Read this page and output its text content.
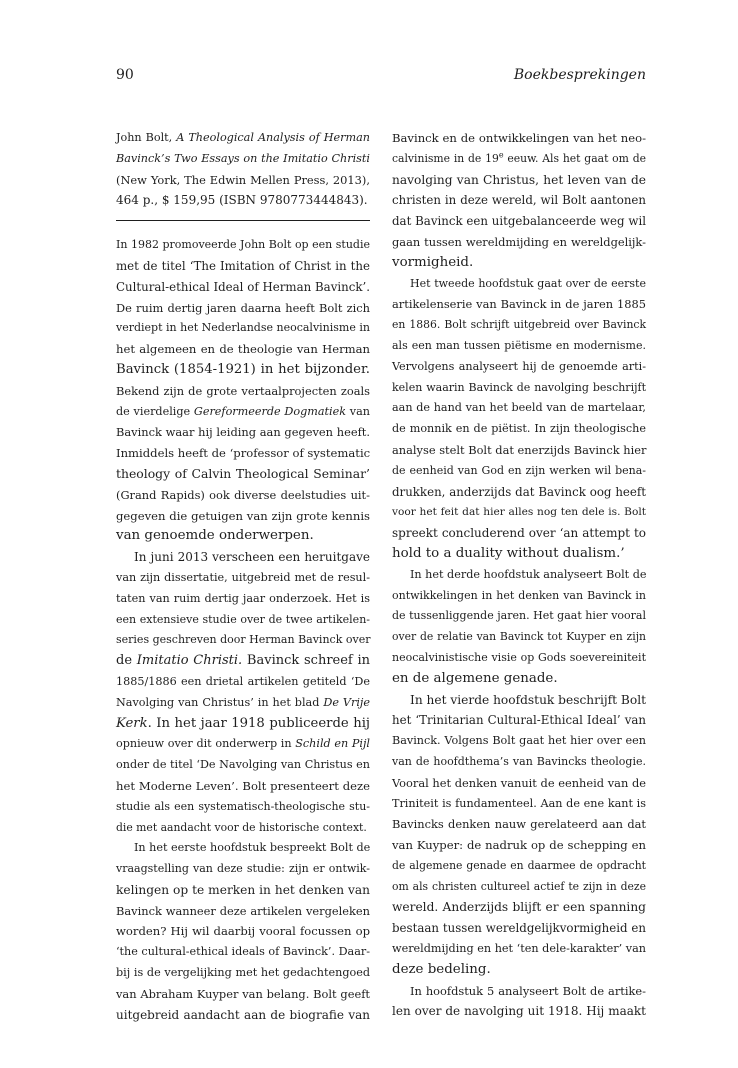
90	Boekbesprekingen
John Bolt, A Theological Analysis of Herman
Bavinck’s Two Essays on the Imitatio Christi
(New York, The Edwin Mellen Press, 2013),
464 p., $ 159,95 (ISBN 9780773444843).
In 1982 promoveerde John Bolt op een studie
met de titel ‘The Imitation of Christ in the
Cultural-ethical Ideal of Herman Bavinck’.
De ruim dertig jaren daarna heeft Bolt zich
verdiept in het Nederlandse neocalvinisme in
het algemeen en de theologie van Herman
Bavinck (1854-1921) in het bijzonder.
Bekend zijn de grote vertaalprojecten zoals
de vierdelige Gereformeerde Dogmatiek van
Bavinck waar hij leiding aan gegeven heeft.
Inmiddels heeft de ‘professor of systematic
theology of Calvin Theological Seminar’
(Grand Rapids) ook diverse deelstudies uit-
gegeven die getuigen van zijn grote kennis
van genoemde onderwerpen.
In juni 2013 verscheen een heruitgave
van zijn dissertatie, uitgebreid met de resul-
taten van ruim dertig jaar onderzoek. Het is
een extensieve studie over de twee artikelen-
series geschreven door Herman Bavinck over
de Imitatio Christi. Bavinck schreef in
1885/1886 een drietal artikelen getiteld ‘De
Navolging van Christus’ in het blad De Vrije
Kerk. In het jaar 1918 publiceerde hij
opnieuw over dit onderwerp in Schild en Pijl
onder de titel ‘De Navolging van Christus en
het Moderne Leven’. Bolt presenteert deze
studie als een systematisch-theologische stu-
die met aandacht voor de historische context.
In het eerste hoofdstuk bespreekt Bolt de
vraagstelling van deze studie: zijn er ontwik-
kelingen op te merken in het denken van
Bavinck wanneer deze artikelen vergeleken
worden? Hij wil daarbij vooral focussen op
‘the cultural-ethical ideals of Bavinck’. Daar-
bij is de vergelijking met het gedachtengoed
van Abraham Kuyper van belang. Bolt geeft
uitgebreid aandacht aan de biografie van
Bavinck en de ontwikkelingen van het neo-
calvinisme in de 19e eeuw. Als het gaat om de
navolging van Christus, het leven van de
christen in deze wereld, wil Bolt aantonen
dat Bavinck een uitgebalanceerde weg wil
gaan tussen wereldmijding en wereldgelijk-
vormigheid.
Het tweede hoofdstuk gaat over de eerste
artikelenserie van Bavinck in de jaren 1885
en 1886. Bolt schrijft uitgebreid over Bavinck
als een man tussen piëtisme en modernisme.
Vervolgens analyseert hij de genoemde arti-
kelen waarin Bavinck de navolging beschrijft
aan de hand van het beeld van de martelaar,
de monnik en de piëtist. In zijn theologische
analyse stelt Bolt dat enerzijds Bavinck hier
de eenheid van God en zijn werken wil bena-
drukken, anderzijds dat Bavinck oog heeft
voor het feit dat hier alles nog ten dele is. Bolt
spreekt concluderend over ‘an attempt to
hold to a duality without dualism.’
In het derde hoofdstuk analyseert Bolt de
ontwikkelingen in het denken van Bavinck in
de tussenliggende jaren. Het gaat hier vooral
over de relatie van Bavinck tot Kuyper en zijn
neocalvinistische visie op Gods soevereiniteit
en de algemene genade.
In het vierde hoofdstuk beschrijft Bolt
het ‘Trinitarian Cultural-Ethical Ideal’ van
Bavinck. Volgens Bolt gaat het hier over een
van de hoofdthema’s van Bavincks theologie.
Vooral het denken vanuit de eenheid van de
Triniteit is fundamenteel. Aan de ene kant is
Bavincks denken nauw gerelateerd aan dat
van Kuyper: de nadruk op de schepping en
de algemene genade en daarmee de opdracht
om als christen cultureel actief te zijn in deze
wereld. Anderzijds blijft er een spanning
bestaan tussen wereldgelijkvormigheid en
wereldmijding en het ‘ten dele-karakter’ van
deze bedeling.
In hoofdstuk 5 analyseert Bolt de artike-
len over de navolging uit 1918. Hij maakt
